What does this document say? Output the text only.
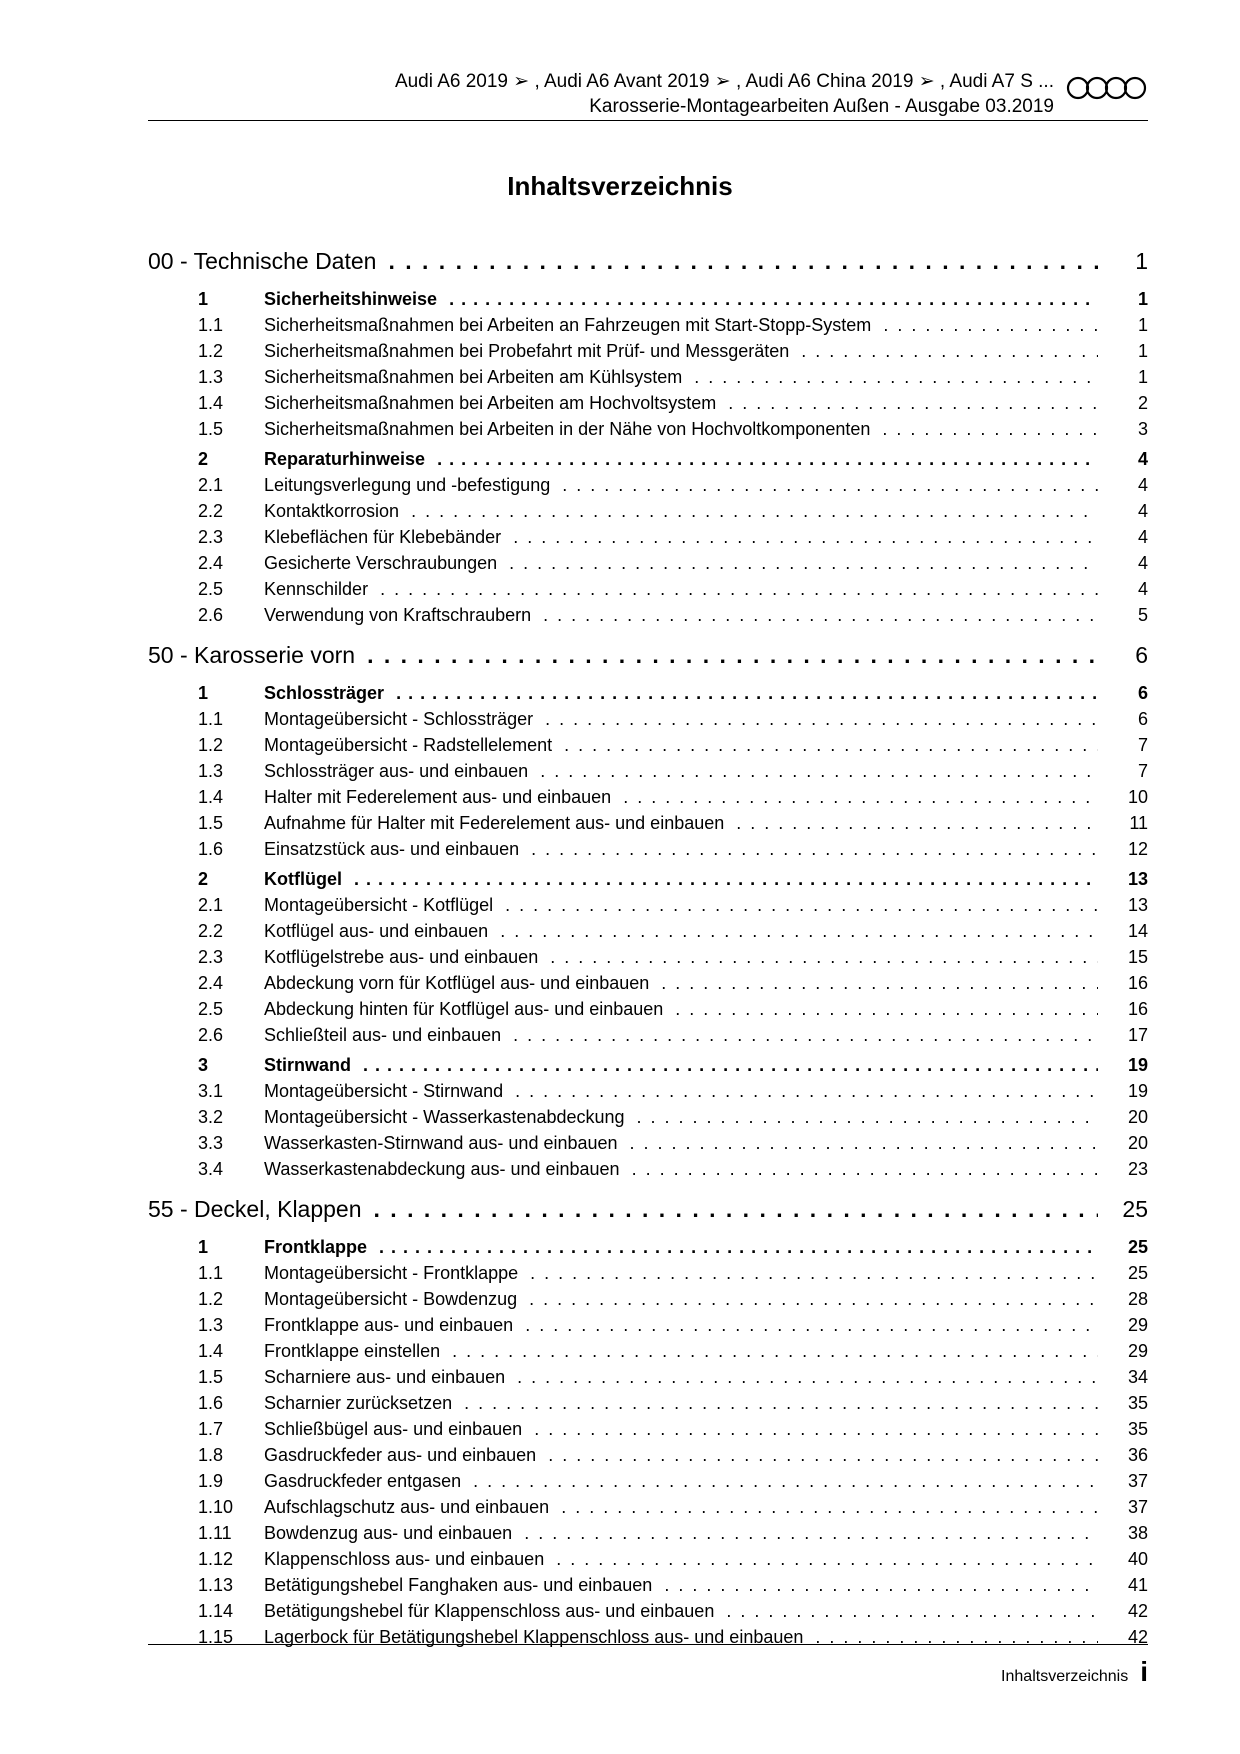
Audi A6 2019 ➢ , Audi A6 Avant 2019 ➢ , Audi A6 China 2019 ➢ , Audi A7 S ...
Karosserie-Montagearbeiten Außen - Ausgabe 03.2019
Inhaltsverzeichnis
00 - Technische Daten . . .	1
1	Sicherheitshinweise . . .	1
1.1	Sicherheitsmaßnahmen bei Arbeiten an Fahrzeugen mit Start-Stopp-System . . .	1
1.2	Sicherheitsmaßnahmen bei Probefahrt mit Prüf- und Messgeräten . . .	1
1.3	Sicherheitsmaßnahmen bei Arbeiten am Kühlsystem . . .	1
1.4	Sicherheitsmaßnahmen bei Arbeiten am Hochvoltsystem . . .	2
1.5	Sicherheitsmaßnahmen bei Arbeiten in der Nähe von Hochvoltkomponenten . . .	3
2	Reparaturhinweise . . .	4
2.1	Leitungsverlegung und -befestigung . . .	4
2.2	Kontaktkorrosion . . .	4
2.3	Klebeflächen für Klebebänder . . .	4
2.4	Gesicherte Verschraubungen . . .	4
2.5	Kennschilder . . .	4
2.6	Verwendung von Kraftschraubern . . .	5
50 - Karosserie vorn . . .	6
1	Schlossträger . . .	6
1.1	Montageübersicht - Schlossträger . . .	6
1.2	Montageübersicht - Radstellelement . . .	7
1.3	Schlossträger aus- und einbauen . . .	7
1.4	Halter mit Federelement aus- und einbauen . . .	10
1.5	Aufnahme für Halter mit Federelement aus- und einbauen . . .	11
1.6	Einsatzstück aus- und einbauen . . .	12
2	Kotflügel . . .	13
2.1	Montageübersicht - Kotflügel . . .	13
2.2	Kotflügel aus- und einbauen . . .	14
2.3	Kotflügelstrebe aus- und einbauen . . .	15
2.4	Abdeckung vorn für Kotflügel aus- und einbauen . . .	16
2.5	Abdeckung hinten für Kotflügel aus- und einbauen . . .	16
2.6	Schließteil aus- und einbauen . . .	17
3	Stirnwand . . .	19
3.1	Montageübersicht - Stirnwand . . .	19
3.2	Montageübersicht - Wasserkastenabdeckung . . .	20
3.3	Wasserkasten-Stirnwand aus- und einbauen . . .	20
3.4	Wasserkastenabdeckung aus- und einbauen . . .	23
55 - Deckel, Klappen . . .	25
1	Frontklappe . . .	25
1.1	Montageübersicht - Frontklappe . . .	25
1.2	Montageübersicht - Bowdenzug . . .	28
1.3	Frontklappe aus- und einbauen . . .	29
1.4	Frontklappe einstellen . . .	29
1.5	Scharniere aus- und einbauen . . .	34
1.6	Scharnier zurücksetzen . . .	35
1.7	Schließbügel aus- und einbauen . . .	35
1.8	Gasdruckfeder aus- und einbauen . . .	36
1.9	Gasdruckfeder entgasen . . .	37
1.10	Aufschlagschutz aus- und einbauen . . .	37
1.11	Bowdenzug aus- und einbauen . . .	38
1.12	Klappenschloss aus- und einbauen . . .	40
1.13	Betätigungshebel Fanghaken aus- und einbauen . . .	41
1.14	Betätigungshebel für Klappenschloss aus- und einbauen . . .	42
1.15	Lagerbock für Betätigungshebel Klappenschloss aus- und einbauen . . .	42
Inhaltsverzeichnis i
